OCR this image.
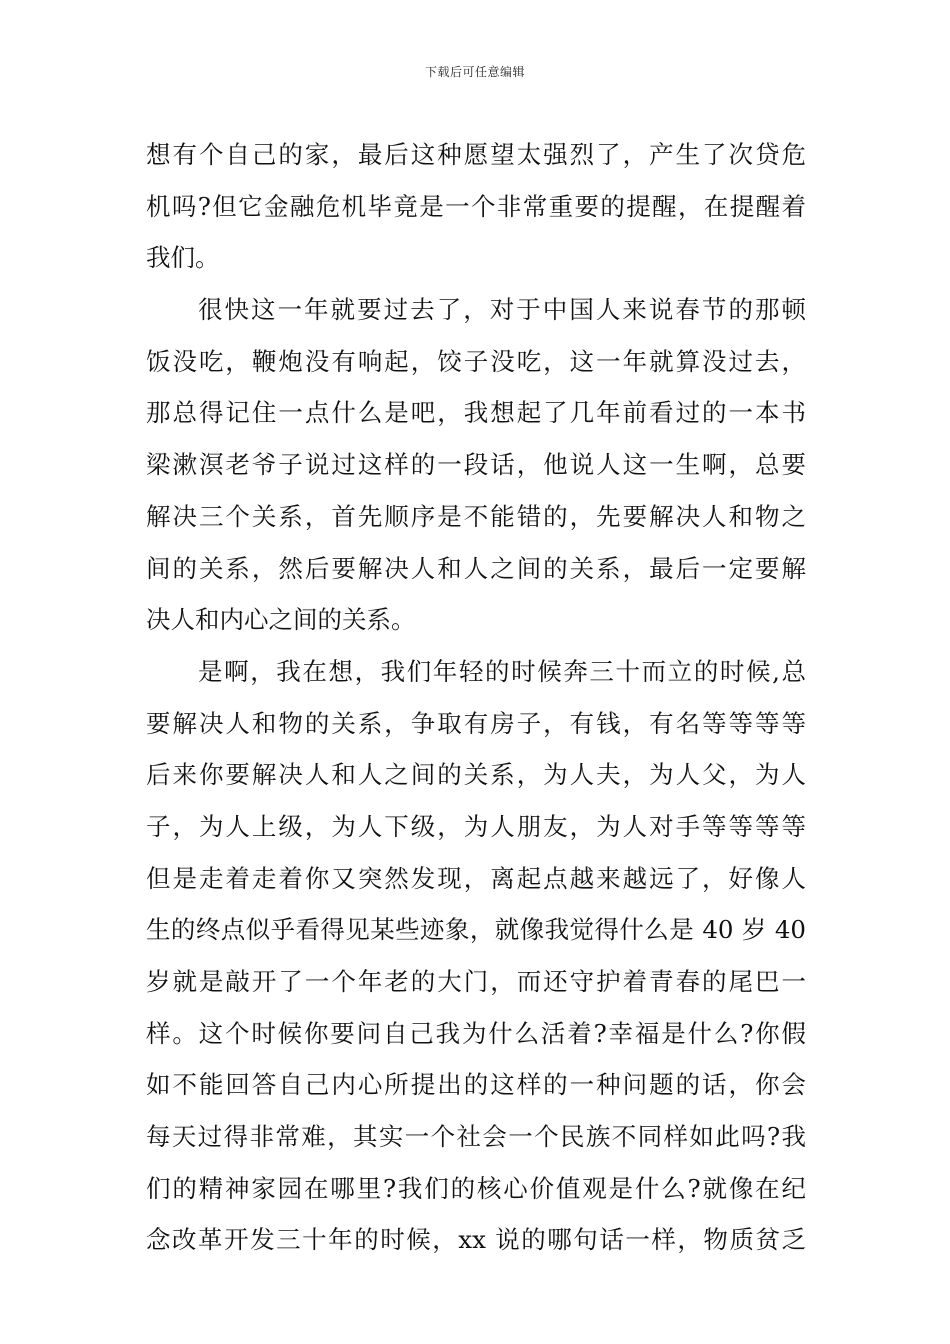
下载后可任意编辑
想有个自己的家，最后这种愿望太强烈了，产生了次贷危
机吗?但它金融危机毕竟是一个非常重要的提醒，在提醒着
我们。
很快这一年就要过去了，对于中国人来说春节的那顿
饭没吃，鞭炮没有响起，饺子没吃，这一年就算没过去，
那总得记住一点什么是吧，我想起了几年前看过的一本书
梁漱溟老爷子说过这样的一段话，他说人这一生啊，总要
解决三个关系，首先顺序是不能错的，先要解决人和物之
间的关系，然后要解决人和人之间的关系，最后一定要解
决人和内心之间的关系。
是啊，我在想，我们年轻的时候奔三十而立的时候,总
要解决人和物的关系，争取有房子，有钱，有名等等等等
后来你要解决人和人之间的关系，为人夫，为人父，为人
子，为人上级，为人下级，为人朋友，为人对手等等等等
但是走着走着你又突然发现，离起点越来越远了，好像人
生的终点似乎看得见某些迹象，就像我觉得什么是 40 岁 40
岁就是敲开了一个年老的大门，而还守护着青春的尾巴一
样。这个时候你要问自己我为什么活着?幸福是什么?你假
如不能回答自己内心所提出的这样的一种问题的话，你会
每天过得非常难，其实一个社会一个民族不同样如此吗?我
们的精神家园在哪里?我们的核心价值观是什么?就像在纪
念改革开发三十年的时候，xx 说的哪句话一样，物质贫乏
